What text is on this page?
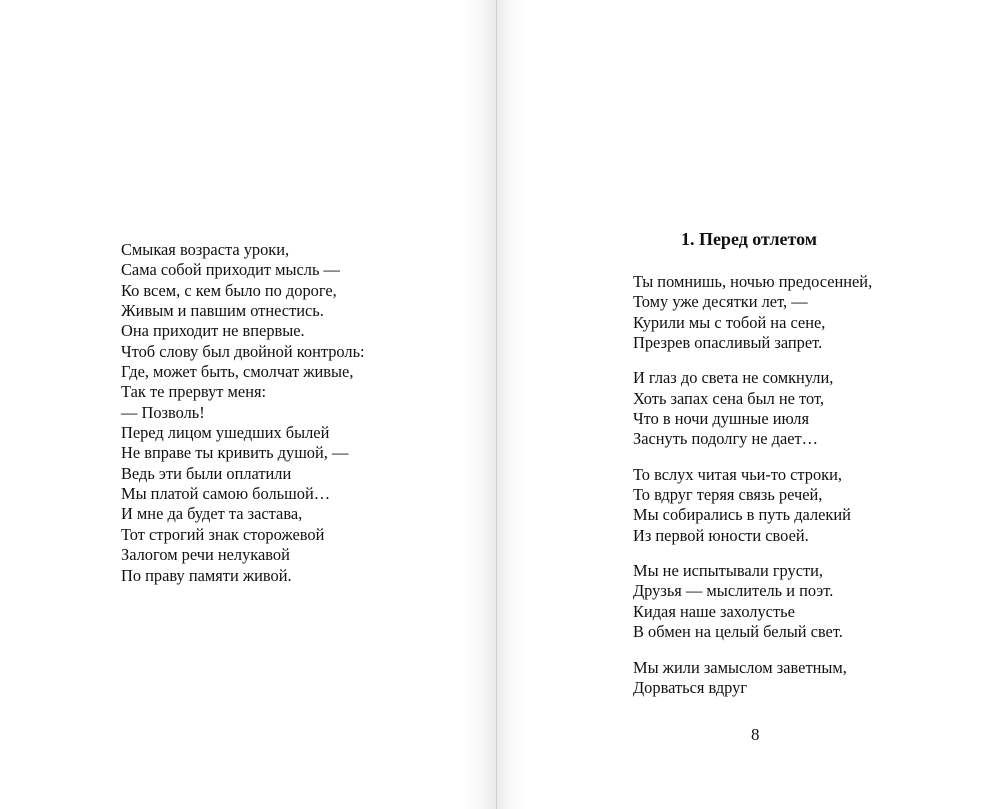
Смыкая возраста уроки,
Сама собой приходит мысль —
Ко всем, с кем было по дороге,
Живым и павшим отнестись.
Она приходит не впервые.
Чтоб слову был двойной контроль:
Где, может быть, смолчат живые,
Так те прервут меня:
— Позволь!
Перед лицом ушедших былей
Не вправе ты кривить душой, —
Ведь эти были оплатили
Мы платой самою большой…
И мне да будет та застава,
Тот строгий знак сторожевой
Залогом речи нелукавой
По праву памяти живой.
1. Перед отлетом
Ты помнишь, ночью предосенней,
Тому уже десятки лет, —
Курили мы с тобой на сене,
Презрев опасливый запрет.
И глаз до света не сомкнули,
Хоть запах сена был не тот,
Что в ночи душные июля
Заснуть подолгу не дает…
То вслух читая чьи-то строки,
То вдруг теряя связь речей,
Мы собирались в путь далекий
Из первой юности своей.
Мы не испытывали грусти,
Друзья — мыслитель и поэт.
Кидая наше захолустье
В обмен на целый белый свет.
Мы жили замыслом заветным,
Дорваться вдруг
8
